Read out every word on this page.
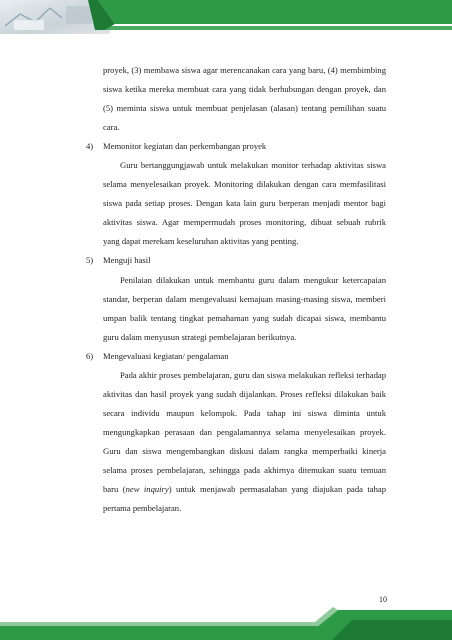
proyek, (3) membawa siswa agar merencanakan cara yang baru, (4) membimbing siswa ketika mereka membuat cara yang tidak berhubungan dengan proyek, dan (5) meminta siswa untuk membuat penjelasan (alasan) tentang pemilihan suatu cara.

4) Memonitor kegiatan dan perkembangan proyek

Guru bertanggungjawab untuk melakukan monitor terhadap aktivitas siswa selama menyelesaikan proyek. Monitoring dilakukan dengan cara memfasilitasi siswa pada setiap proses. Dengan kata lain guru berperan menjadi mentor bagi aktivitas siswa. Agar mempermudah proses monitoring, dibuat sebuah rubrik yang dapat merekam keseluruhan aktivitas yang penting.

5) Menguji hasil

Penilaian dilakukan untuk membantu guru dalam mengukur ketercapaian standar, berperan dalam mengevaluasi kemajuan masing-masing siswa, memberi umpan balik tentang tingkat pemahaman yang sudah dicapai siswa, membantu guru dalam menyusun strategi pembelajaran berikutnya.

6) Mengevaluasi kegiatan/ pengalaman

Pada akhir proses pembelajaran, guru dan siswa melakukan refleksi terhadap aktivitas dan hasil proyek yang sudah dijalankan. Proses refleksi dilakukan baik secara individu maupun kelompok. Pada tahap ini siswa diminta untuk mengungkapkan perasaan dan pengalamannya selama menyelesaikan proyek. Guru dan siswa mengembangkan diskusi dalam rangka memperbaiki kinerja selama proses pembelajaran, sehingga pada akhirnya ditemukan suatu temuan baru (new inquiry) untuk menjawab permasalahan yang diajukan pada tahap pertama pembelajaran.

10
